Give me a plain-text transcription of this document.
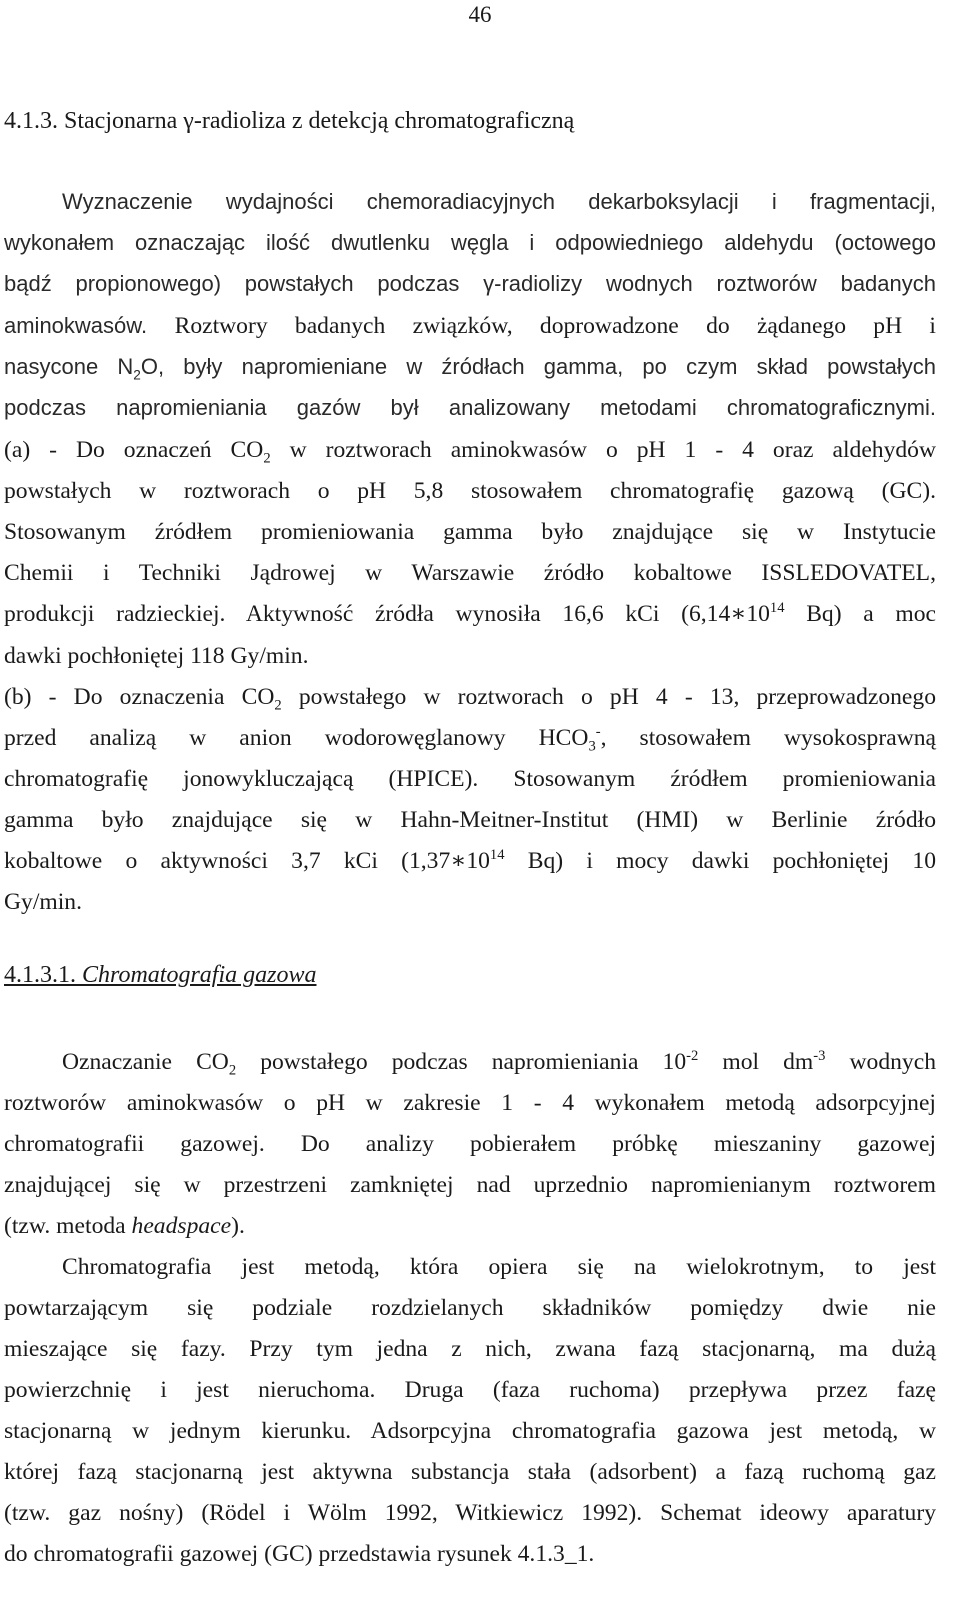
46
4.1.3. Stacjonarna γ-radioliza z detekcją chromatograficzną
Wyznaczenie wydajności chemoradiacyjnych dekarboksylacji i fragmentacji,
wykonałem oznaczając ilość dwutlenku węgla i odpowiedniego aldehydu (octowego
bądź propionowego) powstałych podczas γ-radiolizy wodnych roztworów badanych
aminokwasów. Roztwory badanych związków, doprowadzone do żądanego pH i
nasycone $N_2O$, były napromieniane w źródłach gamma, po czym skład powstałych
podczas napromieniania gazów był analizowany metodami chromatograficznymi.
(a) - Do oznaczeń $CO_2$ w roztworach aminokwasów o pH 1 - 4 oraz aldehydów
powstałych w roztworach o pH 5,8 stosowałem chromatografię gazową (GC).
Stosowanym źródłem promieniowania gamma było znajdujące się w Instytucie
Chemii i Techniki Jądrowej w Warszawie źródło kobaltowe ISSLEDOVATEL,
produkcji radzieckiej. Aktywność źródła wynosiła 16,6 kCi ($6,14∗10^{14}$ Bq) a moc
dawki pochłoniętej 118 Gy/min.
(b) - Do oznaczenia $CO_2$ powstałego w roztworach o pH 4 - 13, przeprowadzonego
przed analizą w anion wodorowęglanowy $HCO_3^-$, stosowałem wysokosprawną
chromatografię jonowykluczającą (HPICE). Stosowanym źródłem promieniowania
gamma było znajdujące się w Hahn-Meitner-Institut (HMI) w Berlinie źródło
kobaltowe o aktywności 3,7 kCi ($1,37∗10^{14}$ Bq) i mocy dawki pochłoniętej 10
Gy/min.
4.1.3.1. Chromatografia gazowa
Oznaczanie $CO_2$ powstałego podczas napromieniania $10^{-2}$ mol $dm^{-3}$ wodnych
roztworów aminokwasów o pH w zakresie 1 - 4 wykonałem metodą adsorpcyjnej
chromatografii gazowej. Do analizy pobierałem próbkę mieszaniny gazowej
znajdującej się w przestrzeni zamkniętej nad uprzednio napromienianym roztworem
(tzw. metoda headspace).
Chromatografia jest metodą, która opiera się na wielokrotnym, to jest
powtarzającym się podziale rozdzielanych składników pomiędzy dwie nie
mieszające się fazy. Przy tym jedna z nich, zwana fazą stacjonarną, ma dużą
powierzchnię i jest nieruchoma. Druga (faza ruchoma) przepływa przez fazę
stacjonarną w jednym kierunku. Adsorpcyjna chromatografia gazowa jest metodą, w
której fazą stacjonarną jest aktywna substancja stała (adsorbent) a fazą ruchomą gaz
(tzw. gaz nośny) (Rödel i Wölm 1992, Witkiewicz 1992). Schemat ideowy aparatury
do chromatografii gazowej (GC) przedstawia rysunek 4.1.3_1.
